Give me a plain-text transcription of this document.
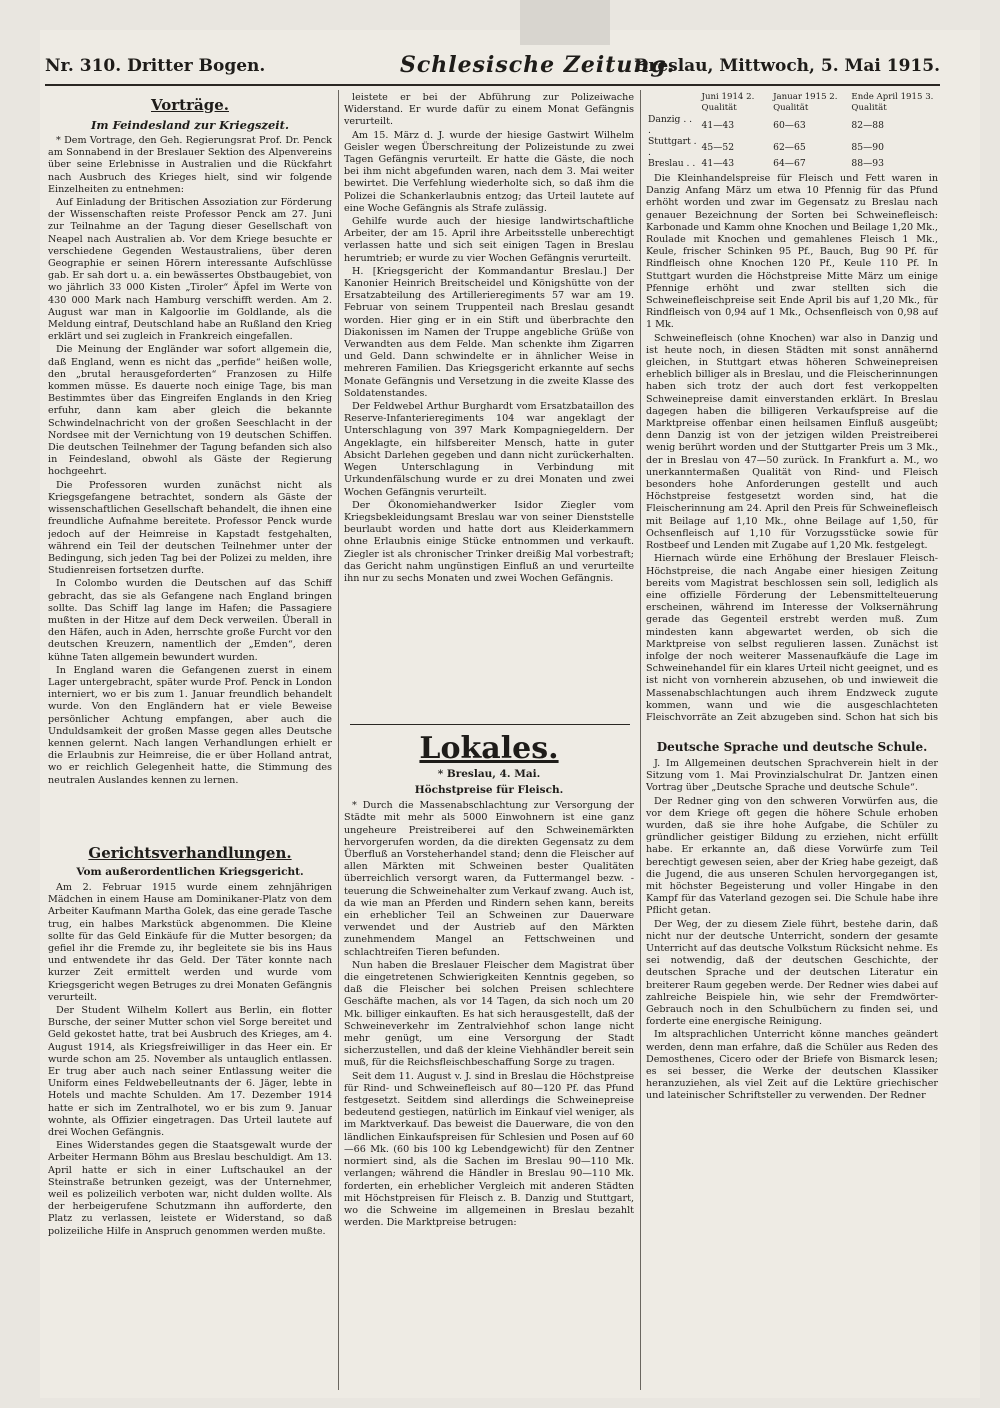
Nr. 310. Dritter Bogen.	Schlesische Zeitung.
Breslau, Mittwoch, 5. Mai 1915.
Vorträge.
Im Feindesland zur Kriegszeit.

* Dem Vortrage, den Geh. Regierungsrat Prof. Dr. Penck am Sonnabend in der Breslauer Sektion des Alpenvereins über seine Erlebnisse in Australien und die Rückfahrt nach Ausbruch des Krieges hielt, sind wir folgende Einzelheiten zu entnehmen:

Auf Einladung der Britischen Assoziation zur Förderung der Wissenschaften reiste Professor Penck am 27. Juni zur Teilnahme an der Tagung dieser Gesellschaft von Neapel nach Australien ab. Vor dem Kriege besuchte er verschiedene Gegenden Westaustraliens, über deren Geographie er seinen Hörern interessante Aufschlüsse gab. Er sah dort u. a. ein bewässertes Obstbaugebiet, von wo jährlich 33 000 Kisten „Tiroler“ Äpfel im Werte von 430 000 Mark nach Hamburg verschifft werden. Am 2. August war man in Kalgoorlie im Goldlande, als die Meldung eintraf, Deutschland habe an Rußland den Krieg erklärt und sei zugleich in Frankreich eingefallen.

Die Meinung der Engländer war sofort allgemein die, daß England, wenn es nicht das „perfide“ heißen wolle, den „brutal herausgeforderten“ Franzosen zu Hilfe kommen müsse. Es dauerte noch einige Tage, bis man Bestimmtes über das Eingreifen Englands in den Krieg erfuhr, dann kam aber gleich die bekannte Schwindelnachricht von der großen Seeschlacht in der Nordsee mit der Vernichtung von 19 deutschen Schiffen. Die deutschen Teilnehmer der Tagung befanden sich also in Feindesland, obwohl als Gäste der Regierung hochgeehrt.

Die Professoren wurden zunächst nicht als Kriegsgefangene betrachtet, sondern als Gäste der wissenschaftlichen Gesellschaft behandelt, die ihnen eine freundliche Aufnahme bereitete. Professor Penck wurde jedoch auf der Heimreise in Kapstadt festgehalten, während ein Teil der deutschen Teilnehmer unter der Bedingung, sich jeden Tag bei der Polizei zu melden, ihre Studienreisen fortsetzen durfte.

In Colombo wurden die Deutschen auf das Schiff gebracht, das sie als Gefangene nach England bringen sollte. Das Schiff lag lange im Hafen; die Passagiere mußten in der Hitze auf dem Deck verweilen. Überall in den Häfen, auch in Aden, herrschte große Furcht vor den deutschen Kreuzern, namentlich der „Emden“, deren kühne Taten allgemein bewundert wurden.

In England waren die Gefangenen zuerst in einem Lager untergebracht, später wurde Prof. Penck in London interniert, wo er bis zum 1. Januar freundlich behandelt wurde. Von den Engländern hat er viele Beweise persönlicher Achtung empfangen, aber auch die Unduldsamkeit der großen Masse gegen alles Deutsche kennen gelernt. Nach langen Verhandlungen erhielt er die Erlaubnis zur Heimreise, die er über Holland antrat, wo er reichlich Gelegenheit hatte, die Stimmung des neutralen Auslandes kennen zu lernen.

Gerichtsverhandlungen.
Vom außerordentlichen Kriegsgericht.

Am 2. Februar 1915 wurde einem zehnjährigen Mädchen in einem Hause am Dominikaner-Platz von dem Arbeiter Kaufmann Martha Golek, das eine gerade Tasche trug, ein halbes Markstück abgenommen. Die Kleine sollte für das Geld Einkäufe für die Mutter besorgen; da gefiel ihr die Fremde zu, ihr begleitete sie bis ins Haus und entwendete ihr das Geld. Der Täter konnte nach kurzer Zeit ermittelt werden und wurde vom Kriegsgericht wegen Betruges zu drei Monaten Gefängnis verurteilt.

Der Student Wilhelm Kollert aus Berlin, ein flotter Bursche, der seiner Mutter schon viel Sorge bereitet und Geld gekostet hatte, trat bei Ausbruch des Krieges, am 4. August 1914, als Kriegsfreiwilliger in das Heer ein. Er wurde schon am 25. November als untauglich entlassen. Er trug aber auch nach seiner Entlassung weiter die Uniform eines Feldwebelleutnants der 6. Jäger, lebte in Hotels und machte Schulden. Am 17. Dezember 1914 hatte er sich im Zentralhotel, wo er bis zum 9. Januar wohnte, als Offizier eingetragen. Das Urteil lautete auf drei Wochen Gefängnis.

Eines Widerstandes gegen die Staatsgewalt wurde der Arbeiter Hermann Böhm aus Breslau beschuldigt. Am 13. April hatte er sich in einer Luftschaukel an der Steinstraße betrunken gezeigt, was der Unternehmer, weil es polizeilich verboten war, nicht dulden wollte. Als der herbeigerufene Schutzmann ihn aufforderte, den Platz zu verlassen, leistete er Widerstand, so daß polizeiliche Hilfe in Anspruch genommen werden mußte.

leistete er bei der Abführung zur Polizeiwache Widerstand. Er wurde dafür zu einem Monat Gefängnis verurteilt.

Am 15. März d. J. wurde der hiesige Gastwirt Wilhelm Geisler wegen Überschreitung der Polizeistunde zu zwei Tagen Gefängnis verurteilt. Er hatte die Gäste, die noch bei ihm nicht abgefunden waren, nach dem 3. Mai weiter bewirtet. Die Verfehlung wiederholte sich, so daß ihm die Polizei die Schankerlaubnis entzog; das Urteil lautete auf eine Woche Gefängnis als Strafe zulässig.

Gehilfe wurde auch der hiesige landwirtschaftliche Arbeiter, der am 15. April ihre Arbeitsstelle unberechtigt verlassen hatte und sich seit einigen Tagen in Breslau herumtrieb; er wurde zu vier Wochen Gefängnis verurteilt.

H. [Kriegsgericht der Kommandantur Breslau.] Der Kanonier Heinrich Breitscheidel und Königshütte von der Ersatzabteilung des Artillerieregiments 57 war am 19. Februar von seinem Truppenteil nach Breslau gesandt worden. Hier ging er in ein Stift und überbrachte den Diakonissen im Namen der Truppe angebliche Grüße von Verwandten aus dem Felde. Man schenkte ihm Zigarren und Geld. Dann schwindelte er in ähnlicher Weise in mehreren Familien. Das Kriegsgericht erkannte auf sechs Monate Gefängnis und Versetzung in die zweite Klasse des Soldatenstandes.

Der Feldwebel Arthur Burghardt vom Ersatzbataillon des Reserve-Infanterieregiments 104 war angeklagt der Unterschlagung von 397 Mark Kompagniegeldern. Der Angeklagte, ein hilfsbereiter Mensch, hatte in guter Absicht Darlehen gegeben und dann nicht zurückerhalten. Wegen Unterschlagung in Verbindung mit Urkundenfälschung wurde er zu drei Monaten und zwei Wochen Gefängnis verurteilt.

Der Ökonomiehandwerker Isidor Ziegler vom Kriegsbekleidungsamt Breslau war von seiner Dienststelle beurlaubt worden und hatte dort aus Kleiderkammern ohne Erlaubnis einige Stücke entnommen und verkauft. Ziegler ist als chronischer Trinker dreißig Mal vorbestraft; das Gericht nahm ungünstigen Einfluß an und verurteilte ihn nur zu sechs Monaten und zwei Wochen Gefängnis.

Lokales.
* Breslau, 4. Mai.
Höchstpreise für Fleisch.

* Durch die Massenabschlachtung zur Versorgung der Städte mit mehr als 5000 Einwohnern ist eine ganz ungeheure Preistreiberei auf den Schweinemärkten hervorgerufen worden, da die direkten Gegensatz zu dem Überfluß an Vorsteherhandel stand; denn die Fleischer auf allen Märkten mit Schweinen bester Qualitäten überreichlich versorgt waren, da Futtermangel bezw. -teuerung die Schweinehalter zum Verkauf zwang. Auch ist, da wie man an Pferden und Rindern sehen kann, bereits ein erheblicher Teil an Schweinen zur Dauerware verwendet und der Austrieb auf den Märkten zunehmendem Mangel an Fettschweinen und schlachtreifen Tieren befunden.

Nun haben die Breslauer Fleischer dem Magistrat über die eingetretenen Schwierigkeiten Kenntnis gegeben, so daß die Fleischer bei solchen Preisen schlechtere Geschäfte machen, als vor 14 Tagen, da sich noch um 20 Mk. billiger einkauften. Es hat sich herausgestellt, daß der Schweineverkehr im Zentralviehhof schon lange nicht mehr genügt, um eine Versorgung der Stadt sicherzustellen, und daß der kleine Viehhändler bereit sein muß, für die Reichsfleischbeschaffung Sorge zu tragen.

Seit dem 11. August v. J. sind in Breslau die Höchstpreise für Rind- und Schweinefleisch auf 80—120 Pf. das Pfund festgesetzt. Seitdem sind allerdings die Schweinepreise bedeutend gestiegen, natürlich im Einkauf viel weniger, als im Marktverkauf. Das beweist die Dauerware, die von den ländlichen Einkaufspreisen für Schlesien und Posen auf 60—66 Mk. (60 bis 100 kg Lebendgewicht) für den Zentner normiert sind, als die Sachen im Breslau 90—110 Mk. verlangen; während die Händler in Breslau 90—110 Mk. forderten, ein erheblicher Vergleich mit anderen Städten mit Höchstpreisen für Fleisch z. B. Danzig und Stuttgart, wo die Schweine im allgemeinen in Breslau bezahlt werden. Die Marktpreise betrugen:

	Juni 1914 2. Qualität	Januar 1915 2. Qualität	Ende April 1915 3. Qualität
Danzig . . .	41—43	60—63	82—88
Stuttgart . .	45—52	62—65	85—90
Breslau . .	41—43	64—67	88—93

Die Kleinhandelspreise für Fleisch und Fett waren in Danzig Anfang März um etwa 10 Pfennig für das Pfund erhöht worden und zwar im Gegensatz zu Breslau nach genauer Bezeichnung der Sorten bei Schweinefleisch: Karbonade und Kamm ohne Knochen und Beilage 1,20 Mk., Roulade mit Knochen und gemahlenes Fleisch 1 Mk., Keule, frischer Schinken 95 Pf., Bauch, Bug 90 Pf. für Rindfleisch ohne Knochen 120 Pf., Keule 110 Pf. In Stuttgart wurden die Höchstpreise Mitte März um einige Pfennige erhöht und zwar stellten sich die Schweinefleischpreise seit Ende April bis auf 1,20 Mk., für Rindfleisch von 0,94 auf 1 Mk., Ochsenfleisch von 0,98 auf 1 Mk.

Schweinefleisch (ohne Knochen) war also in Danzig und ist heute noch, in diesen Städten mit sonst annähernd gleichen, in Stuttgart etwas höheren Schweinepreisen erheblich billiger als in Breslau, und die Fleischerinnungen haben sich trotz der auch dort fest verkoppelten Schweinepreise damit einverstanden erklärt. In Breslau dagegen haben die billigeren Verkaufspreise auf die Marktpreise offenbar einen heilsamen Einfluß ausgeübt; denn Danzig ist von der jetzigen wilden Preistreiberei wenig berührt worden und der Stuttgarter Preis um 3 Mk., der in Breslau von 47—50 zurück. In Frankfurt a. M., wo unerkanntermaßen Qualität von Rind- und Fleisch besonders hohe Anforderungen gestellt und auch Höchstpreise festgesetzt worden sind, hat die Fleischerinnung am 24. April den Preis für Schweinefleisch mit Beilage auf 1,10 Mk., ohne Beilage auf 1,50, für Ochsenfleisch auf 1,10 für Vorzugsstücke sowie für Rostbeef und Lenden mit Zugabe auf 1,20 Mk. festgelegt.

Hiernach würde eine Erhöhung der Breslauer Fleisch-Höchstpreise, die nach Angabe einer hiesigen Zeitung bereits vom Magistrat beschlossen sein soll, lediglich als eine offizielle Förderung der Lebensmittelteuerung erscheinen, während im Interesse der Volksernährung gerade das Gegenteil erstrebt werden muß. Zum mindesten kann abgewartet werden, ob sich die Marktpreise von selbst regulieren lassen. Zunächst ist infolge der noch weiterer Massenaufkäufe die Lage im Schweinehandel für ein klares Urteil nicht geeignet, und es ist nicht von vornherein abzusehen, ob und inwieweit die Massenabschlachtungen auch ihrem Endzweck zugute kommen, wann und wie die ausgeschlachteten Fleischvorräte an Zeit abzugeben sind. Schon hat sich bis

Deutsche Sprache und deutsche Schule.

J. Im Allgemeinen deutschen Sprachverein hielt in der Sitzung vom 1. Mai Provinzialschulrat Dr. Jantzen einen Vortrag über „Deutsche Sprache und deutsche Schule“.

Der Redner ging von den schweren Vorwürfen aus, die vor dem Kriege oft gegen die höhere Schule erhoben wurden, daß sie ihre hohe Aufgabe, die Schüler zu gründlicher geistiger Bildung zu erziehen, nicht erfüllt habe. Er erkannte an, daß diese Vorwürfe zum Teil berechtigt gewesen seien, aber der Krieg habe gezeigt, daß die Jugend, die aus unseren Schulen hervorgegangen ist, mit höchster Begeisterung und voller Hingabe in den Kampf für das Vaterland gezogen sei. Die Schule habe ihre Pflicht getan.

Der Weg, der zu diesem Ziele führt, bestehe darin, daß nicht nur der deutsche Unterricht, sondern der gesamte Unterricht auf das deutsche Volkstum Rücksicht nehme. Es sei notwendig, daß der deutschen Geschichte, der deutschen Sprache und der deutschen Literatur ein breiterer Raum gegeben werde. Der Redner wies dabei auf zahlreiche Beispiele hin, wie sehr der Fremdwörter-Gebrauch noch in den Schulbüchern zu finden sei, und forderte eine energische Reinigung.

Im altsprachlichen Unterricht könne manches geändert werden, denn man erfahre, daß die Schüler aus Reden des Demosthenes, Cicero oder der Briefe von Bismarck lesen; es sei besser, die Werke der deutschen Klassiker heranzuziehen, als viel Zeit auf die Lektüre griechischer und lateinischer Schriftsteller zu verwenden. Der Redner
